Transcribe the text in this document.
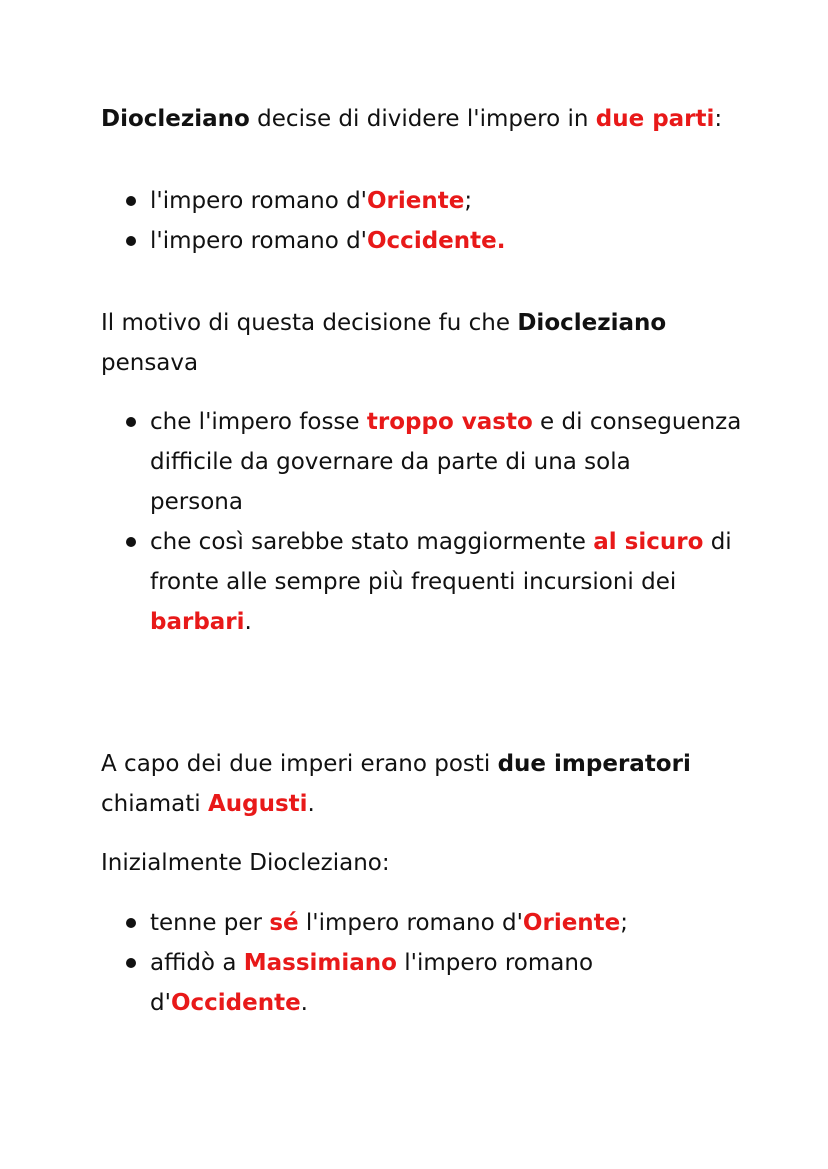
Diocleziano decise di dividere l'impero in due parti:

l'impero romano d'Oriente;

l'impero romano d'Occidente.

Il motivo di questa decisione fu che Diocleziano
pensava

che l'impero fosse troppo vasto e di conseguenza
difficile da governare da parte di una sola
persona

che così sarebbe stato maggiormente al sicuro di
fronte alle sempre più frequenti incursioni dei
barbari.

A capo dei due imperi erano posti due imperatori
chiamati Augusti.

Inizialmente Diocleziano:

tenne per sé l'impero romano d'Oriente;

affidò a Massimiano l'impero romano
d'Occidente.
